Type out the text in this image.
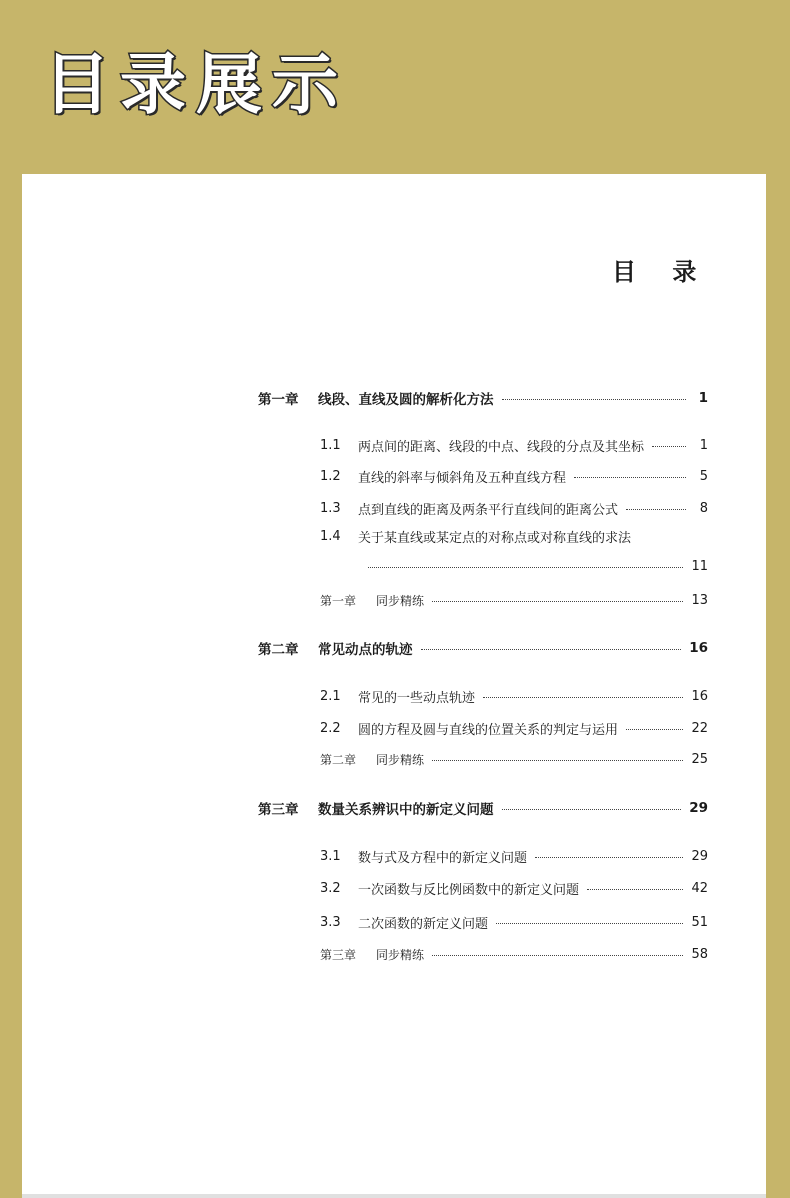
目录展示
目 录
第一章	线段、直线及圆的解析化方法	1
1.1	两点间的距离、线段的中点、线段的分点及其坐标	1
1.2	直线的斜率与倾斜角及五种直线方程	5
1.3	点到直线的距离及两条平行直线间的距离公式	8
1.4	关于某直线或某定点的对称点或对称直线的求法
11
第一章	同步精练	13
第二章	常见动点的轨迹	16
2.1	常见的一些动点轨迹	16
2.2	圆的方程及圆与直线的位置关系的判定与运用	22
第二章	同步精练	25
第三章	数量关系辨识中的新定义问题	29
3.1	数与式及方程中的新定义问题	29
3.2	一次函数与反比例函数中的新定义问题	42
3.3	二次函数的新定义问题	51
第三章	同步精练	58
